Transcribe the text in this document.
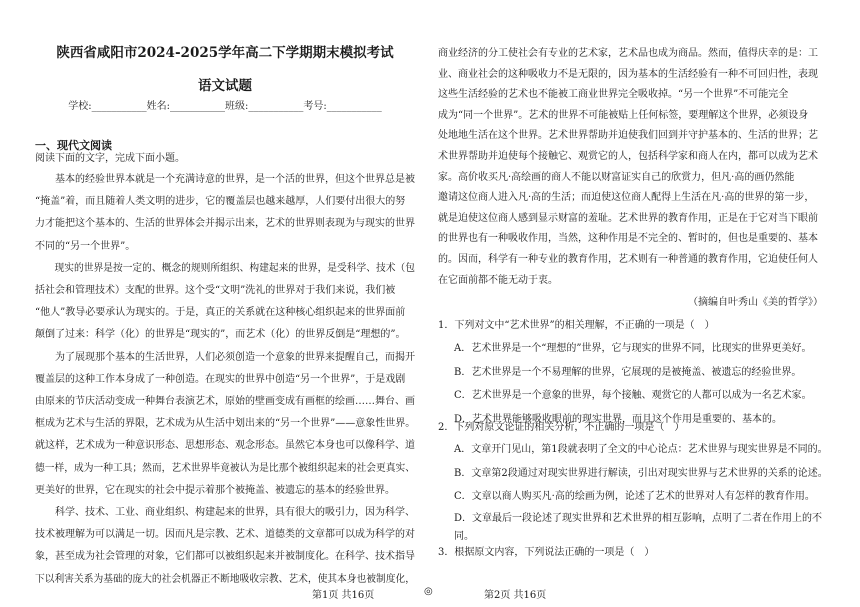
陕西省咸阳市2024-2025学年高二下学期期末模拟考试
语文试题
学校:___________姓名:___________班级:___________考号:___________
一、现代文阅读
阅读下面的文字，完成下面小题。
　　基本的经验世界本就是一个充满诗意的世界，是一个活的世界，但这个世界总是被
“掩盖”着，而且随着人类文明的进步，它的覆盖层也越来越厚，人们要付出很大的努
力才能把这个基本的、生活的世界体会并揭示出来，艺术的世界则表现为与现实的世界
不同的“另一个世界”。
　　现实的世界是按一定的、概念的规则所组织、构建起来的世界，是受科学、技术（包
括社会和管理技术）支配的世界。这个受“文明”洗礼的世界对于我们来说，我们被
“他人”教导必要承认为现实的。于是，真正的关系就在这种核心组织起来的世界面前
颠倒了过来：科学（化）的世界是“现实的”，而艺术（化）的世界反倒是“理想的”。
　　为了展现那个基本的生活世界，人们必须创造一个意象的世界来提醒自己，而揭开
覆盖层的这种工作本身成了一种创造。在现实的世界中创造“另一个世界”，于是戏剧
由原来的节庆活动变成一种舞台表演艺术，原始的壁画变成有画框的绘画……舞台、画
框成为艺术与生活的界限，艺术成为从生活中划出来的“另一个世界”——意象性世界。
就这样，艺术成为一种意识形态、思想形态、观念形态。虽然它本身也可以像科学、道
德一样，成为一种工具；然而，艺术世界毕竟被认为是比那个被组织起来的社会更真实、
更美好的世界，它在现实的社会中提示着那个被掩盖、被遗忘的基本的经验世界。
　　科学、技术、工业、商业组织、构建起来的世界，具有很大的吸引力，因为科学、
技术被理解为可以满足一切。因而凡是宗教、艺术、道德类的文章都可以成为科学的对
象，甚至成为社会管理的对象，它们都可以被组织起来并被制度化。在科学、技术指导
下以利害关系为基础的庞大的社会机器正不断地吸收宗教、艺术，使其本身也被制度化，
商业经济的分工使社会有专业的艺术家，艺术品也成为商品。然而，值得庆幸的是：工
业、商业社会的这种吸收力不是无限的，因为基本的生活经验有一种不可回归性，表现
这些生活经验的艺术也不能被工商业世界完全吸收掉。“另一个世界”不可能完全
成为“同一个世界”。艺术的世界不可能被贴上任何标签，要理解这个世界，必须设身
处地地生活在这个世界。艺术世界帮助并迫使我们回到并守护基本的、生活的世界；艺
术世界帮助并迫使每个接触它、观赏它的人，包括科学家和商人在内，都可以成为艺术
家。高价收买凡·高绘画的商人不能以财富证实自己的欣赏力，但凡·高的画仍然能
邀请这位商人进入凡·高的生活；而迫使这位商人配得上生活在凡·高的世界的第一步，
就是迫使这位商人感到显示财富的羞耻。艺术世界的教育作用，正是在于它对当下眼前
的世界也有一种吸收作用，当然，这种作用是不完全的、暂时的，但也是重要的、基本
的。因而，科学有一种专业的教育作用，艺术则有一种普通的教育作用，它迫使任何人
在它面前都不能无动于衷。
（摘编自叶秀山《美的哲学》）
1．下列对文中“艺术世界”的相关理解，不正确的一项是（　）
A．艺术世界是一个“理想的”世界，它与现实的世界不同，比现实的世界更美好。
B．艺术世界是一个不易理解的世界，它展现的是被掩盖、被遗忘的经验世界。
C．艺术世界是一个意象的世界，每个接触、观赏它的人都可以成为一名艺术家。
D．艺术世界能够吸收眼前的现实世界，而且这个作用是重要的、基本的。
2．下列对原文论证的相关分析，不正确的一项是（　）
A．文章开门见山，第1段就表明了全文的中心论点：艺术世界与现实世界是不同的。
B．文章第2段通过对现实世界进行解读，引出对现实世界与艺术世界的关系的论述。
C．文章以商人购买凡·高的绘画为例，论述了艺术的世界对人有怎样的教育作用。
D．文章最后一段论述了现实世界和艺术世界的相互影响，点明了二者在作用上的不
同。
3．根据原文内容，下列说法正确的一项是（　）
第1页 共16页	◎	第2页 共16页
